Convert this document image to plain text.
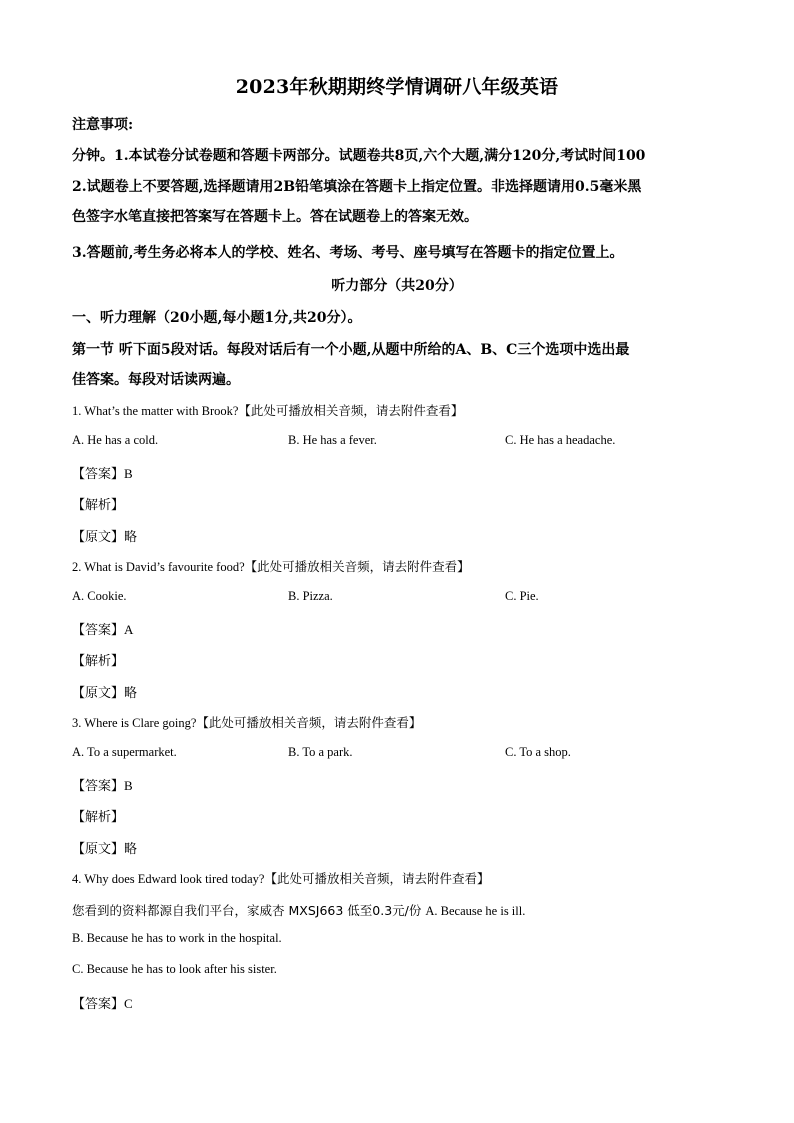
2023年秋期期终学情调研八年级英语
注意事项:
分钟。1.本试卷分试卷题和答题卡两部分。试题卷共8页,六个大题,满分120分,考试时间100
2.试题卷上不要答题,选择题请用2B铅笔填涂在答题卡上指定位置。非选择题请用0.5毫米黑
色签字水笔直接把答案写在答题卡上。答在试题卷上的答案无效。
3.答题前,考生务必将本人的学校、姓名、考场、考号、座号填写在答题卡的指定位置上。
听力部分（共20分）
一、听力理解（20小题,每小题1分,共20分）。
第一节 听下面5段对话。每段对话后有一个小题,从题中所给的A、B、C三个选项中选出最
佳答案。每段对话读两遍。
1. What’s the matter with Brook?【此处可播放相关音频，请去附件查看】
A. He has a cold.	B. He has a fever.	C. He has a headache.
【答案】B
【解析】
【原文】略
2. What is David’s favourite food?【此处可播放相关音频，请去附件查看】
A. Cookie.	B. Pizza.	C. Pie.
【答案】A
【解析】
【原文】略
3. Where is Clare going?【此处可播放相关音频，请去附件查看】
A. To a supermarket.	B. To a park.	C. To a shop.
【答案】B
【解析】
【原文】略
4. Why does Edward look tired today?【此处可播放相关音频，请去附件查看】
您看到的资料都源自我们平台，家威杏 MXSJ663 低至0.3元/份 A. Because he is ill.
B. Because he has to work in the hospital.
C. Because he has to look after his sister.
【答案】C
